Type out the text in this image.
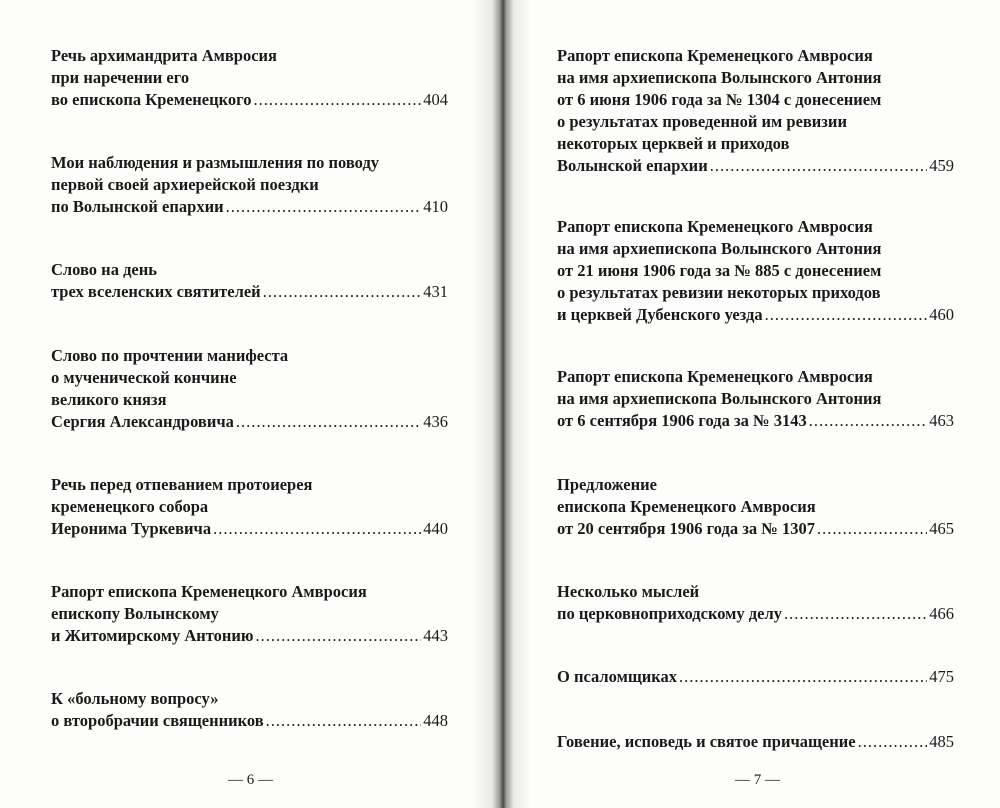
Речь архимандрита Амвросия
при наречении его
во епископа Кременецкого .....	404
Мои наблюдения и размышления по поводу
первой своей архиерейской поездки
по Волынской епархии .....	410
Слово на день
трех вселенских святителей .....	431
Слово по прочтении манифеста
о мученической кончине
великого князя
Сергия Александровича .....	436
Речь перед отпеванием протоиерея
кременецкого собора
Иеронима Туркевича .....	440
Рапорт епископа Кременецкого Амвросия
епископу Волынскому
и Житомирскому Антонию .....	443
К «больному вопросу»
о второбрачии священников .....	448
— 6 —
Рапорт епископа Кременецкого Амвросия
на имя архиепископа Волынского Антония
от 6 июня 1906 года за № 1304 с донесением
о результатах проведенной им ревизии
некоторых церквей и приходов
Волынской епархии .....	459
Рапорт епископа Кременецкого Амвросия
на имя архиепископа Волынского Антония
от 21 июня 1906 года за № 885 с донесением
о результатах ревизии некоторых приходов
и церквей Дубенского уезда .....	460
Рапорт епископа Кременецкого Амвросия
на имя архиепископа Волынского Антония
от 6 сентября 1906 года за № 3143 .....	463
Предложение
епископа Кременецкого Амвросия
от 20 сентября 1906 года за № 1307 .....	465
Несколько мыслей
по церковноприходскому делу .....	466
О псаломщиках .....	475
Говение, исповедь и святое причащение .....	485
— 7 —
